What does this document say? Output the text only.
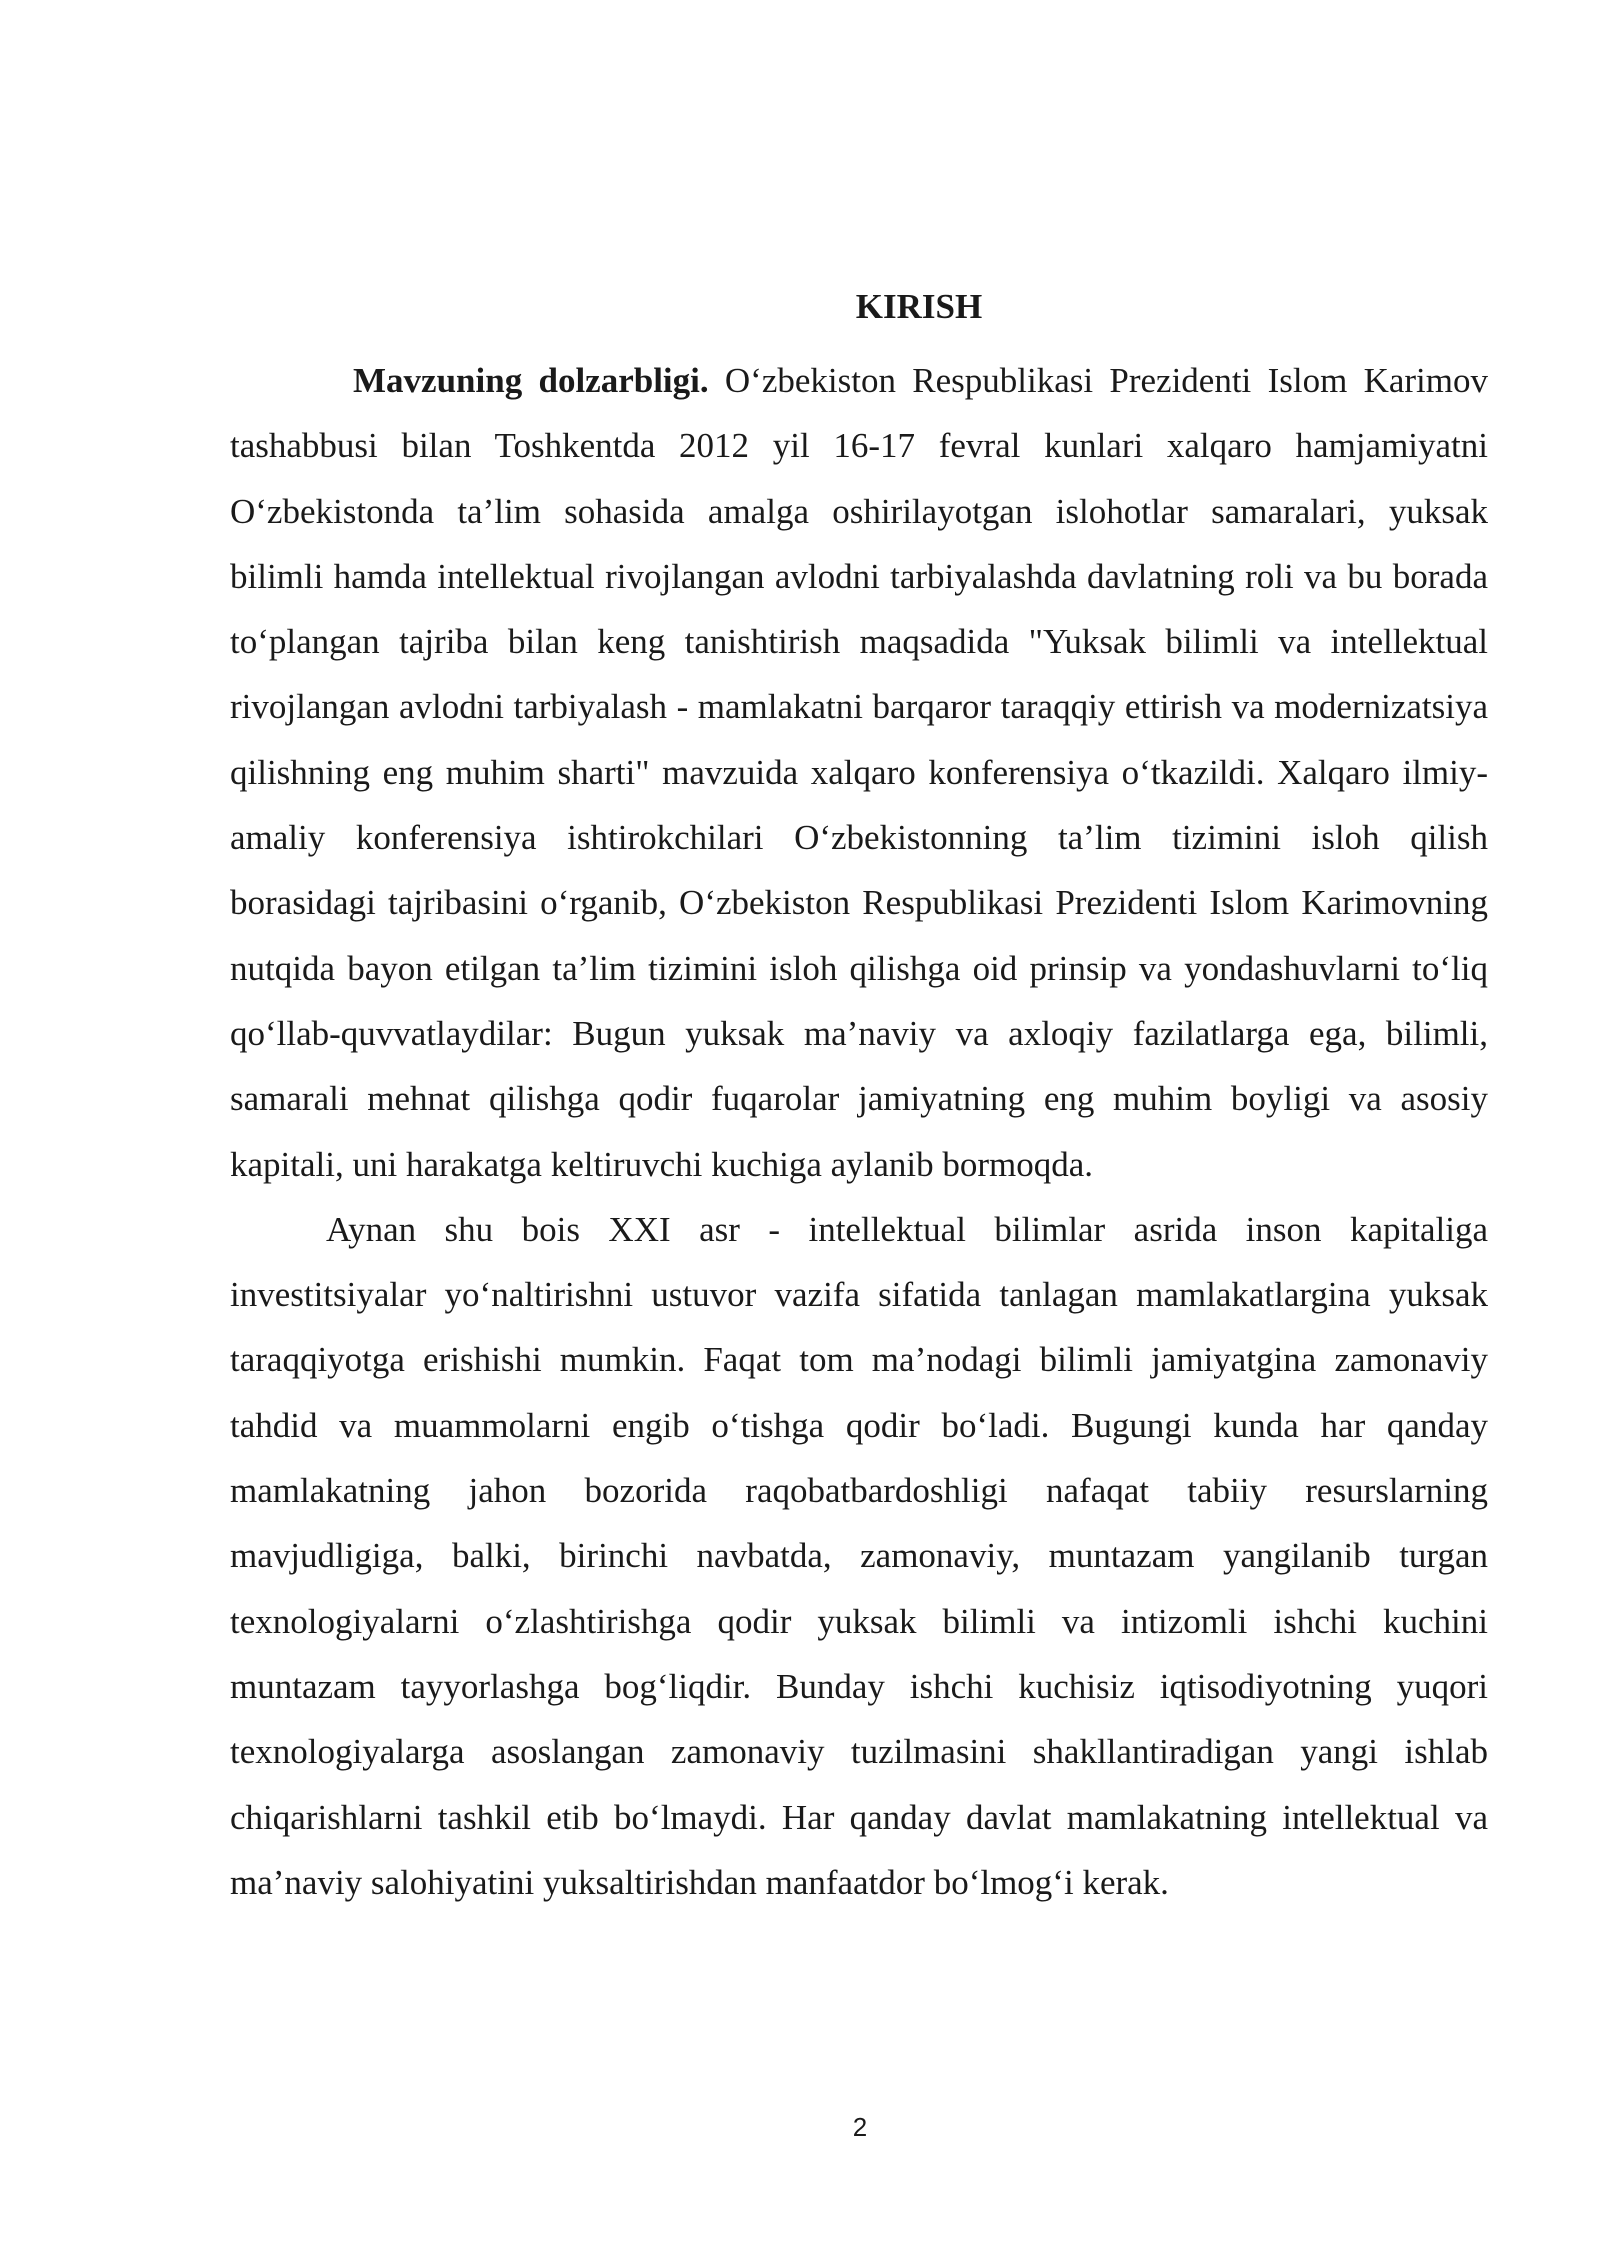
KIRISH

Mavzuning dolzarbligi. O‘zbekiston Respublikasi Prezidenti Islom Karimov tashabbusi bilan Toshkentda 2012 yil 16-17 fevral kunlari xalqaro hamjamiyatni O‘zbekistonda ta’lim sohasida amalga oshirilayotgan islohotlar samaralari, yuksak bilimli hamda intellektual rivojlangan avlodni tarbiyalashda davlatning roli va bu borada to‘plangan tajriba bilan keng tanishtirish maqsadida "Yuksak bilimli va intellektual rivojlangan avlodni tarbiyalash - mamlakatni barqaror taraqqiy ettirish va modernizatsiya qilishning eng muhim sharti" mavzuida xalqaro konferensiya o‘tkazildi. Xalqaro ilmiy-amaliy konferensiya ishtirokchilari O‘zbekistonning ta’lim tizimini isloh qilish borasidagi tajribasini o‘rganib, O‘zbekiston Respublikasi Prezidenti Islom Karimovning nutqida bayon etilgan ta’lim tizimini isloh qilishga oid prinsip va yondashuvlarni to‘liq qo‘llab-quvvatlaydilar: Bugun yuksak ma’naviy va axloqiy fazilatlarga ega, bilimli, samarali mehnat qilishga qodir fuqarolar jamiyatning eng muhim boyligi va asosiy kapitali, uni harakatga keltiruvchi kuchiga aylanib bormoqda.

Aynan shu bois XXI asr - intellektual bilimlar asrida inson kapitaliga investitsiyalar yo‘naltirishni ustuvor vazifa sifatida tanlagan mamlakatlargina yuksak taraqqiyotga erishishi mumkin. Faqat tom ma’nodagi bilimli jamiyatgina zamonaviy tahdid va muammolarni engib o‘tishga qodir bo‘ladi. Bugungi kunda har qanday mamlakatning jahon bozorida raqobatbardoshligi nafaqat tabiiy resurslarning mavjudligiga, balki, birinchi navbatda, zamonaviy, muntazam yangilanib turgan texnologiyalarni o‘zlashtirishga qodir yuksak bilimli va intizomli ishchi kuchini muntazam tayyorlashga bog‘liqdir. Bunday ishchi kuchisiz iqtisodiyotning yuqori texnologiyalarga asoslangan zamonaviy tuzilmasini shakllantiradigan yangi ishlab chiqarishlarni tashkil etib bo‘lmaydi. Har qanday davlat mamlakatning intellektual va ma’naviy salohiyatini yuksaltirishdan manfaatdor bo‘lmog‘i kerak.

2
